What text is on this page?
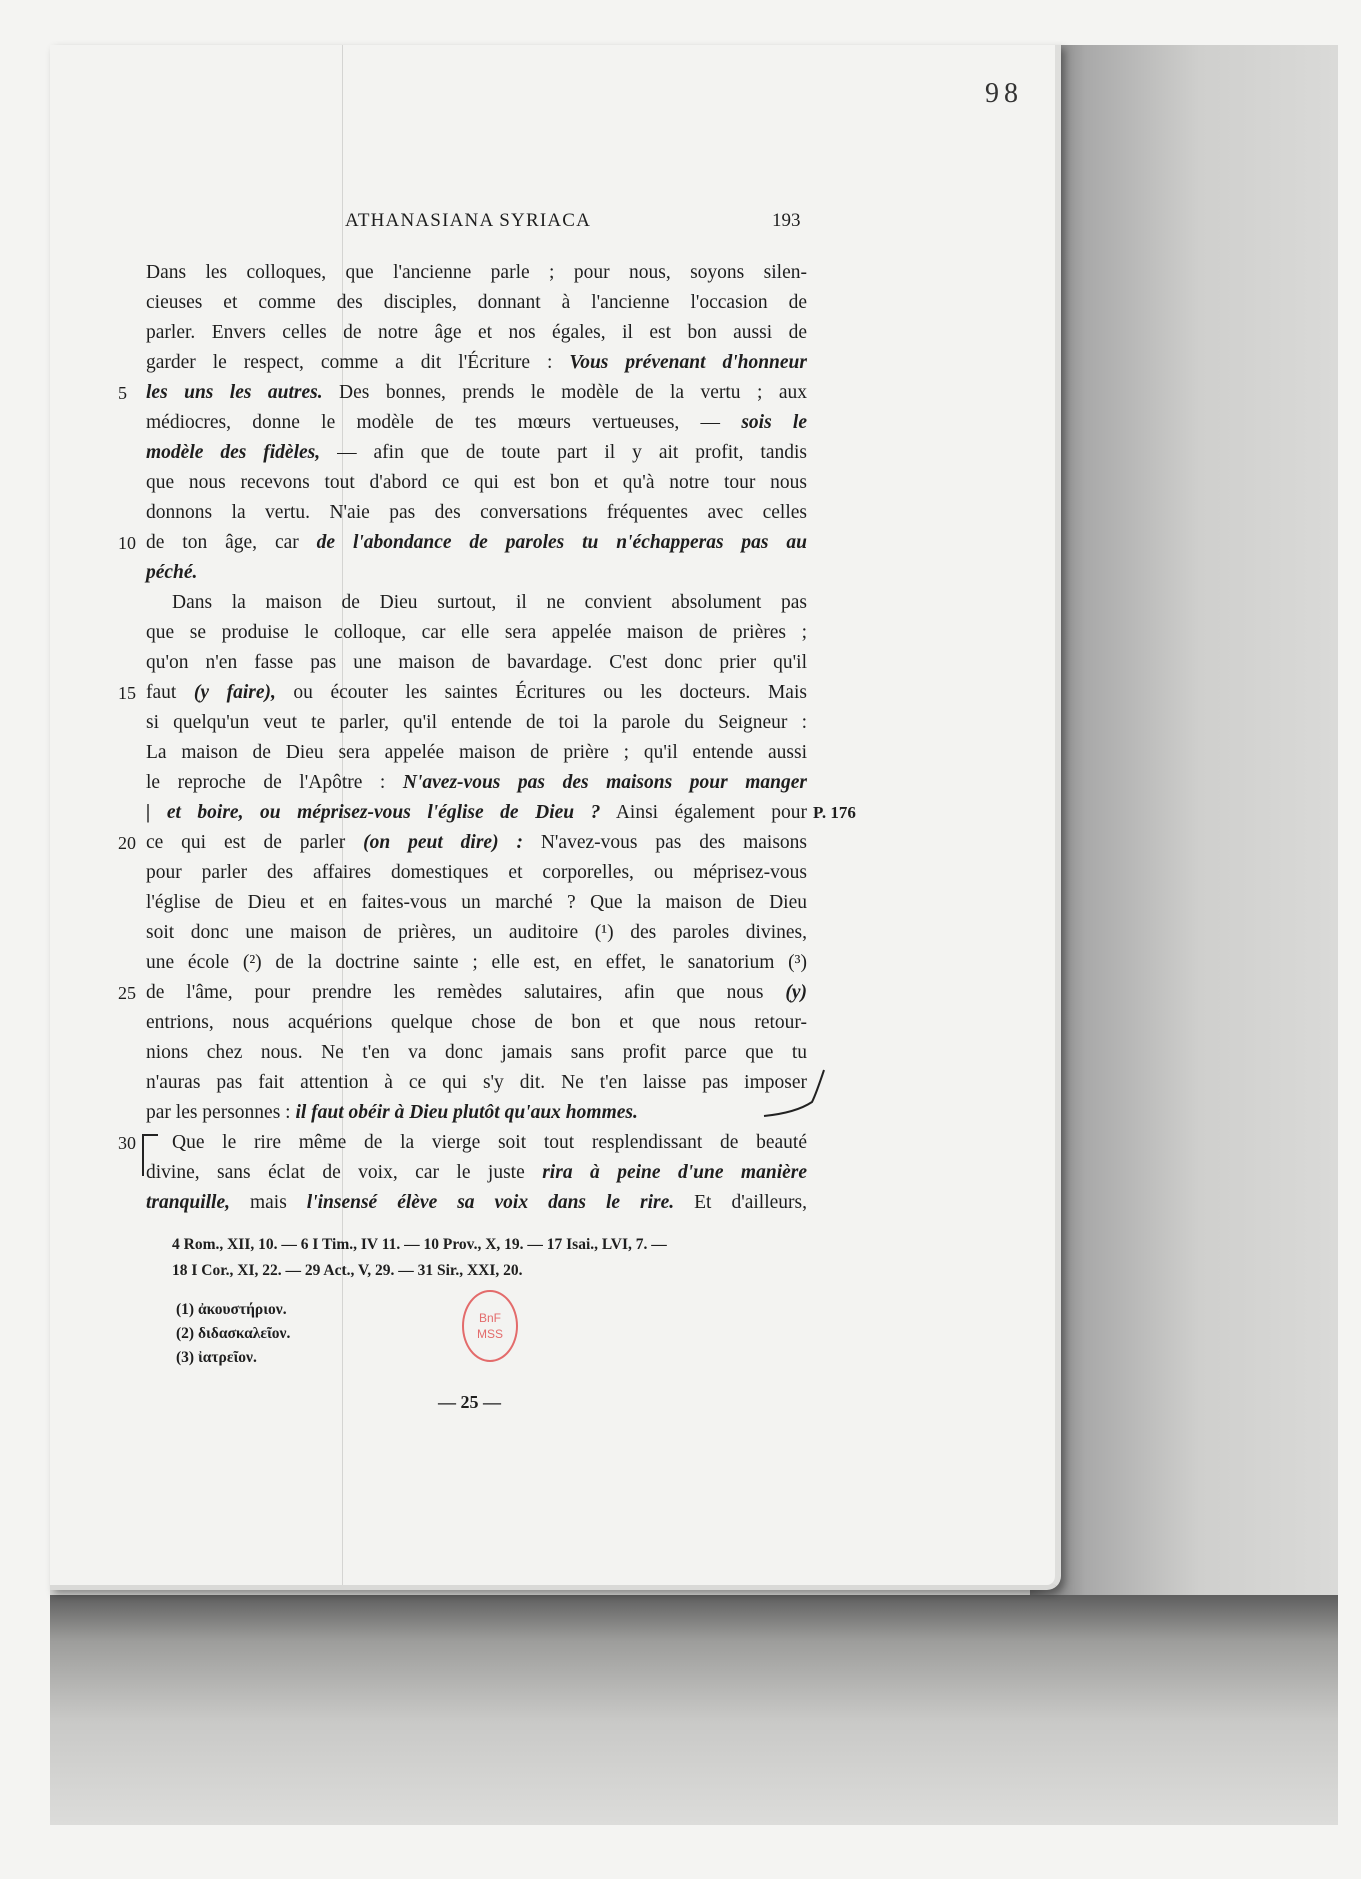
98
ATHANASIANA SYRIACA	193
Dans les colloques, que l'ancienne parle ; pour nous, soyons silen-
cieuses et comme des disciples, donnant à l'ancienne l'occasion de
parler. Envers celles de notre âge et nos égales, il est bon aussi de
garder le respect, comme a dit l'Écriture : Vous prévenant d'honneur
les uns les autres. Des bonnes, prends le modèle de la vertu ; aux
médiocres, donne le modèle de tes mœurs vertueuses, — sois le
modèle des fidèles, — afin que de toute part il y ait profit, tandis
que nous recevons tout d'abord ce qui est bon et qu'à notre tour nous
donnons la vertu. N'aie pas des conversations fréquentes avec celles
de ton âge, car de l'abondance de paroles tu n'échapperas pas au
péché.
Dans la maison de Dieu surtout, il ne convient absolument pas
que se produise le colloque, car elle sera appelée maison de prières ;
qu'on n'en fasse pas une maison de bavardage. C'est donc prier qu'il
faut (y faire), ou écouter les saintes Écritures ou les docteurs. Mais
si quelqu'un veut te parler, qu'il entende de toi la parole du Seigneur :
La maison de Dieu sera appelée maison de prière ; qu'il entende aussi
le reproche de l'Apôtre : N'avez-vous pas des maisons pour manger
| et boire, ou méprisez-vous l'église de Dieu ? Ainsi également pour
ce qui est de parler (on peut dire) : N'avez-vous pas des maisons
pour parler des affaires domestiques et corporelles, ou méprisez-vous
l'église de Dieu et en faites-vous un marché ? Que la maison de Dieu
soit donc une maison de prières, un auditoire (¹) des paroles divines,
une école (²) de la doctrine sainte ; elle est, en effet, le sanatorium (³)
de l'âme, pour prendre les remèdes salutaires, afin que nous (y)
entrions, nous acquérions quelque chose de bon et que nous retour-
nions chez nous. Ne t'en va donc jamais sans profit parce que tu
n'auras pas fait attention à ce qui s'y dit. Ne t'en laisse pas imposer
par les personnes : il faut obéir à Dieu plutôt qu'aux hommes.
Que le rire même de la vierge soit tout resplendissant de beauté
divine, sans éclat de voix, car le juste rira à peine d'une manière
tranquille, mais l'insensé élève sa voix dans le rire. Et d'ailleurs,
5
10
15
20
25
30
P. 176
4 Rom., XII, 10. — 6 I Tim., IV 11. — 10 Prov., X, 19. — 17 Isai., LVI, 7. —
18 I Cor., XI, 22. — 29 Act., V, 29. — 31 Sir., XXI, 20.
(1) ἀκουστήριον.
(2) διδασκαλεῖον.
(3) ἰατρεῖον.
BnF
MSS
— 25 —
